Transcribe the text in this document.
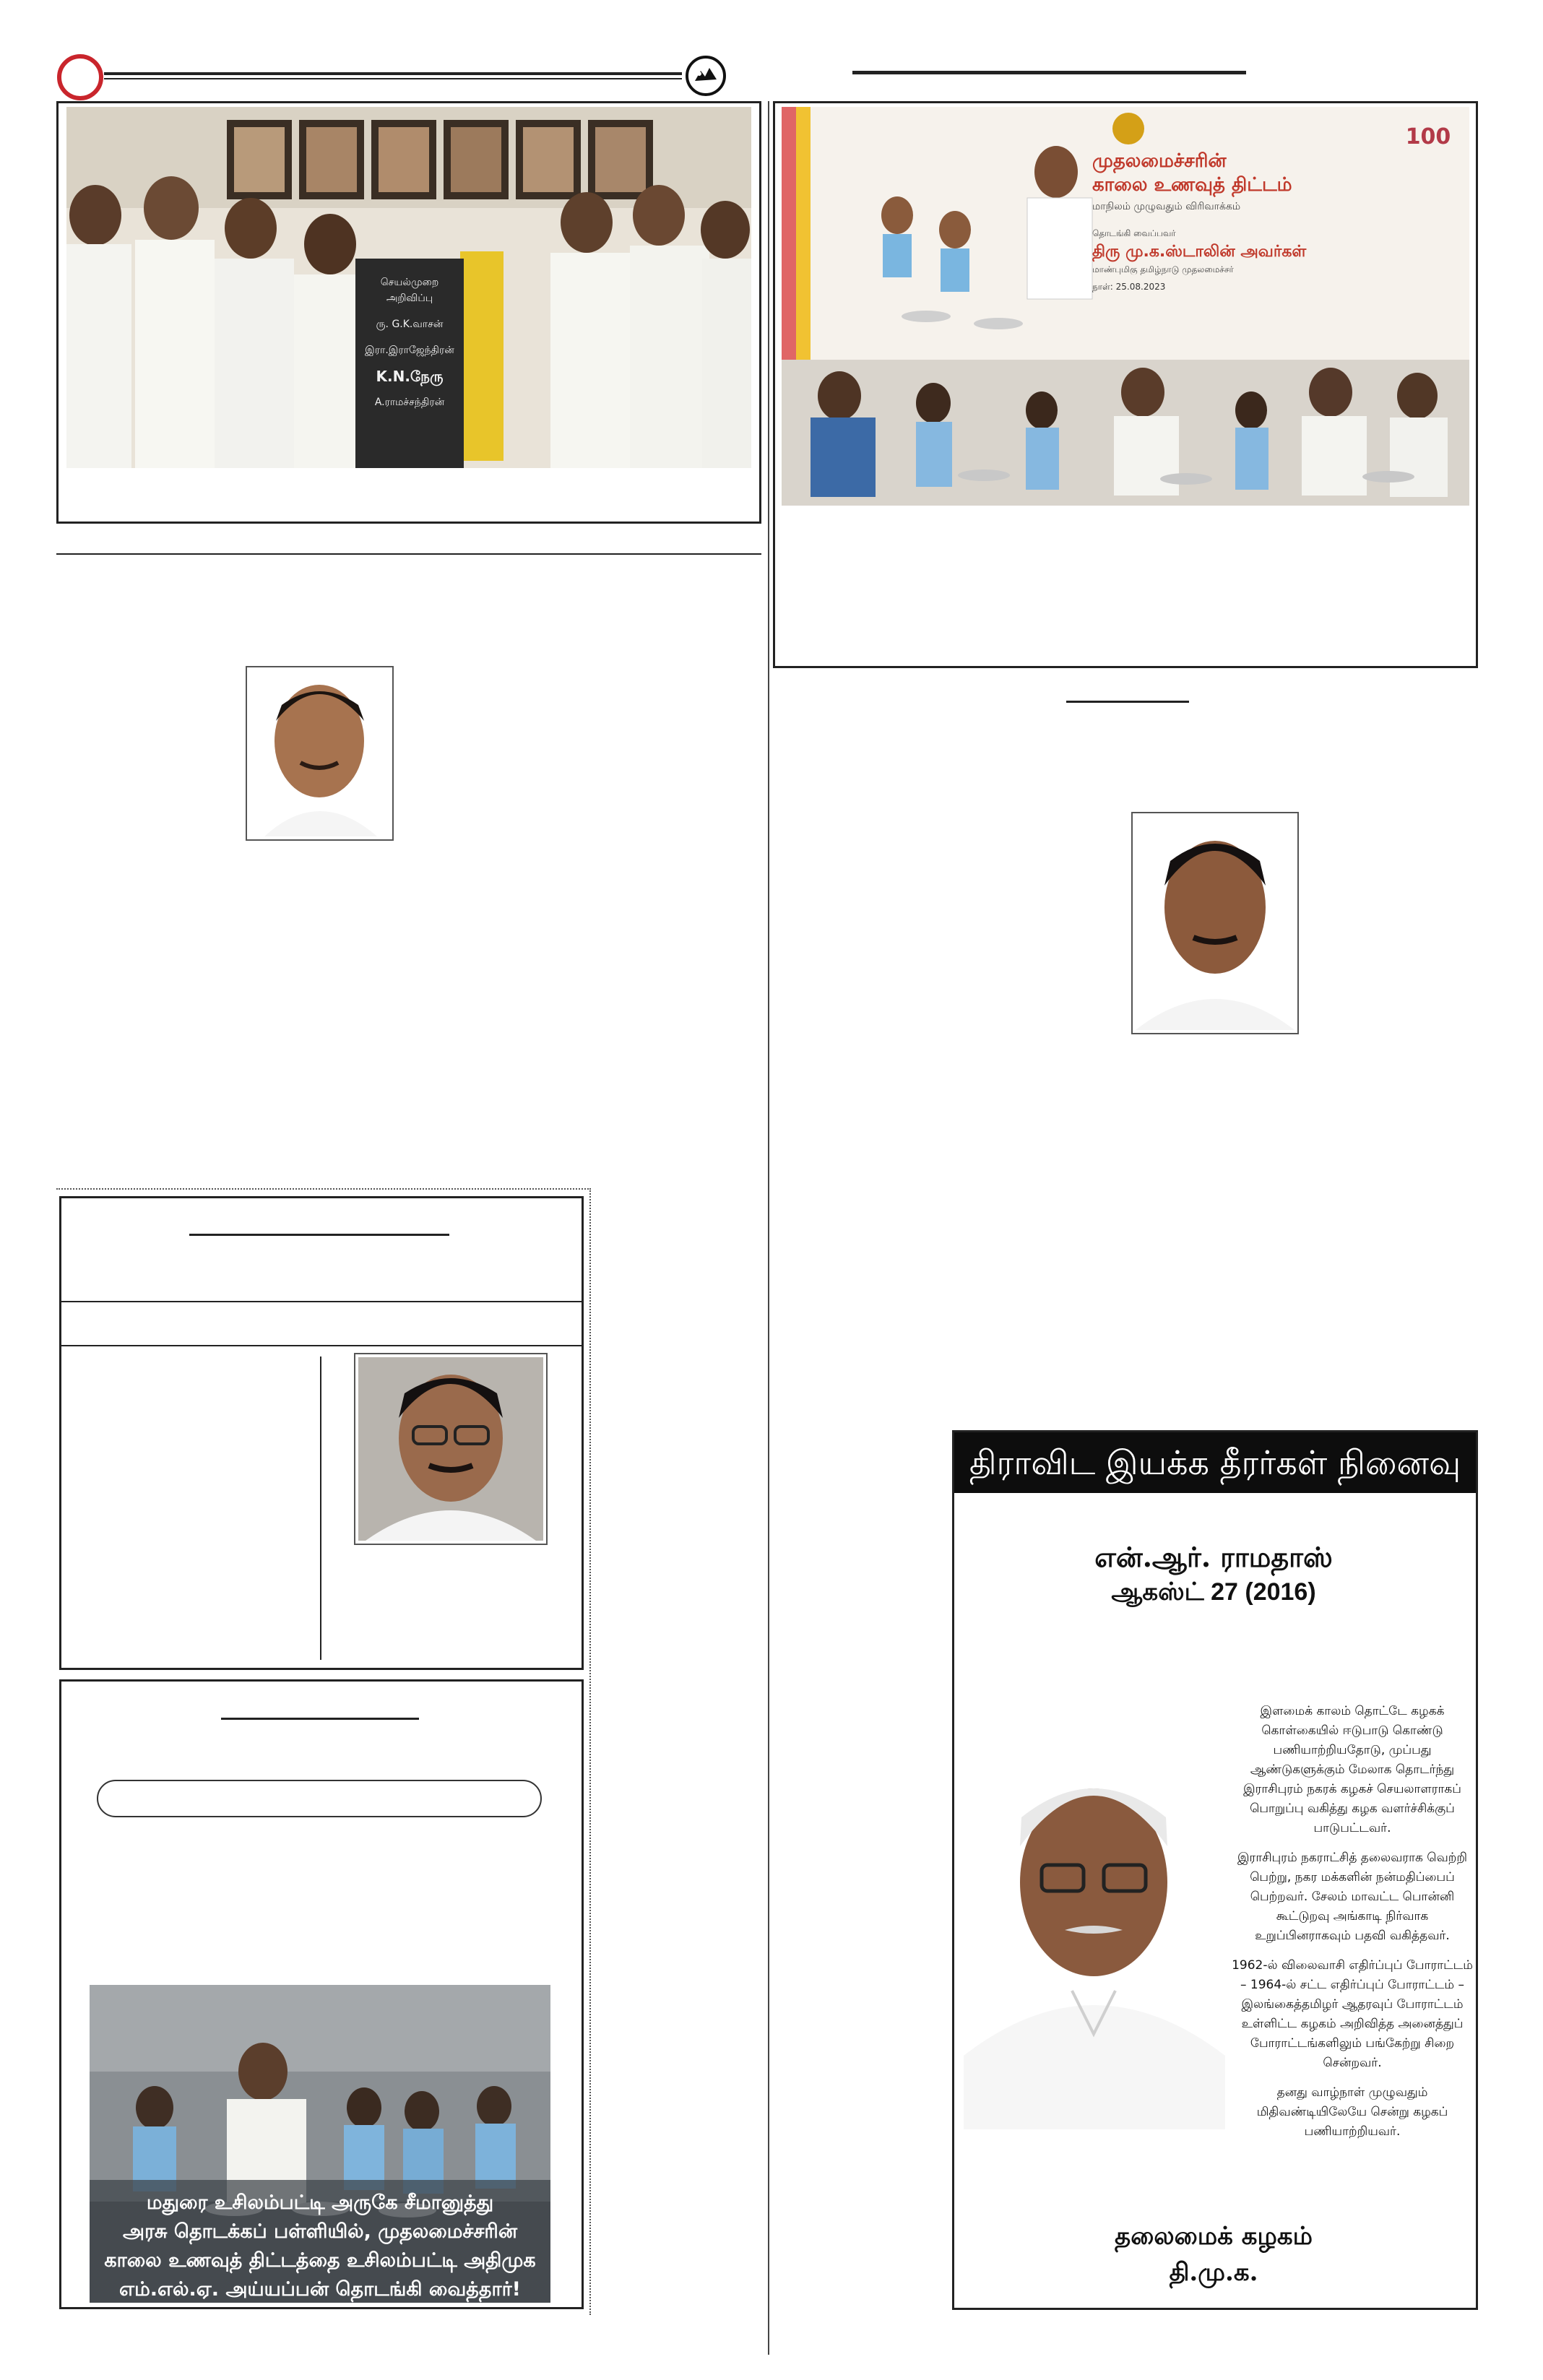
செயல்முறை அறிவிப்பு
ரு. G.K.வாசன்
இரா.இராஜேந்திரன்
K.N.நேரு
A.ராமச்சந்திரன்
மதுரை உசிலம்பட்டி அருகே சீமானுத்து
அரசு தொடக்கப் பள்ளியில், முதலமைச்சரின்
காலை உணவுத் திட்டத்தை உசிலம்பட்டி அதிமுக
எம்.எல்.ஏ. அய்யப்பன் தொடங்கி வைத்தார்!
முதலமைச்சரின்
காலை உணவுத் திட்டம்
மாநிலம் முழுவதும் விரிவாக்கம்
தொடங்கி வைப்பவர்
திரு மு.க.ஸ்டாலின் அவர்கள்
மாண்புமிகு தமிழ்நாடு முதலமைச்சர்
நாள்: 25.08.2023
100
திராவிட இயக்க தீரர்கள் நினைவு நாள்
என்.ஆர். ராமதாஸ்
ஆகஸ்ட் 27 (2016)

இளமைக் காலம் தொட்டே கழகக் கொள்கையில் ஈடுபாடு கொண்டு பணியாற்றியதோடு, முப்பது ஆண்டுகளுக்கும் மேலாக தொடர்ந்து இராசிபுரம் நகரக் கழகச் செயலாளராகப் பொறுப்பு வகித்து கழக வளர்ச்சிக்குப் பாடுபட்டவர்.

இராசிபுரம் நகராட்சித் தலைவராக வெற்றி பெற்று, நகர மக்களின் நன்மதிப்பைப் பெற்றவர். சேலம் மாவட்ட பொன்னி கூட்டுறவு அங்காடி நிர்வாக உறுப்பினராகவும் பதவி வகித்தவர்.

1962-ல் விலைவாசி எதிர்ப்புப் போராட்டம் – 1964-ல் சட்ட எதிர்ப்புப் போராட்டம் – இலங்கைத்தமிழர் ஆதரவுப் போராட்டம் உள்ளிட்ட கழகம் அறிவித்த அனைத்துப் போராட்டங்களிலும் பங்கேற்று சிறை சென்றவர்.

தனது வாழ்நாள் முழுவதும் மிதிவண்டியிலேயே சென்று கழகப் பணியாற்றியவர்.

தலைமைக் கழகம்
தி.மு.க.
